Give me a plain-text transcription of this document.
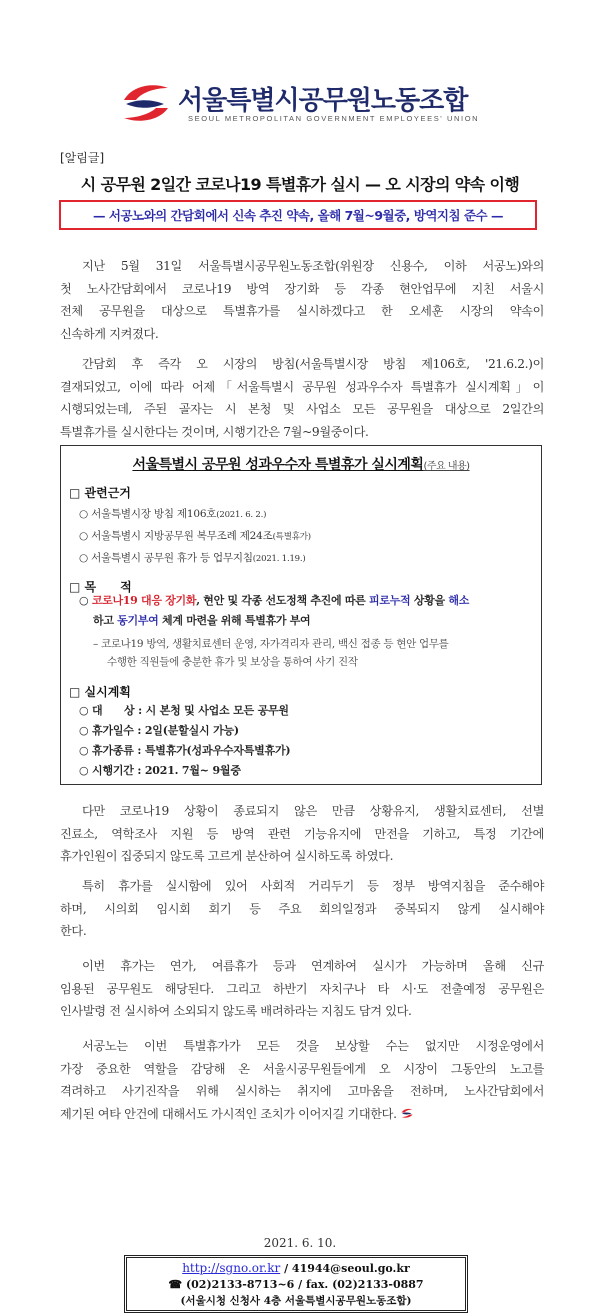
서울특별시공무원노동조합
SEOUL METROPOLITAN GOVERNMENT EMPLOYEES' UNION
[알림글]
시 공무원 2일간 코로나19 특별휴가 실시 — 오 시장의 약속 이행
— 서공노와의 간담회에서 신속 추진 약속, 올해 7월~9월중, 방역지침 준수 —
지난 5월 31일 서울특별시공무원노동조합(위원장 신용수, 이하 서공노)와의
첫 노사간담회에서 코로나19 방역 장기화 등 각종 현안업무에 지친 서울시
전체 공무원을 대상으로 특별휴가를 실시하겠다고 한 오세훈 시장의 약속이
신속하게 지켜졌다.
간담회 후 즉각 오 시장의 방침(서울특별시장 방침 제106호, '21.6.2.)이
결재되었고, 이에 따라 어제「서울특별시 공무원 성과우수자 특별휴가 실시계획」이
시행되었는데, 주된 골자는 시 본청 및 사업소 모든 공무원을 대상으로 2일간의
특별휴가를 실시한다는 것이며, 시행기간은 7월~9월중이다.
서울특별시 공무원 성과우수자 특별휴가 실시계획(주요 내용)
□ 관련근거
○ 서울특별시장 방침 제106호(2021. 6. 2.)
○ 서울특별시 지방공무원 복무조례 제24조(특별휴가)
○ 서울특별시 공무원 휴가 등 업무지침(2021. 1.19.)
□ 목　　적
○ 코로나19 대응 장기화, 현안 및 각종 선도정책 추진에 따른 피로누적 상황을 해소
하고 동기부여 체계 마련을 위해 특별휴가 부여
– 코로나19 방역, 생활치료센터 운영, 자가격리자 관리, 백신 접종 등 현안 업무를
수행한 직원들에 충분한 휴가 및 보상을 통하여 사기 진작
□ 실시계획
○ 대　　상 : 시 본청 및 사업소 모든 공무원
○ 휴가일수 : 2일(분할실시 가능)
○ 휴가종류 : 특별휴가(성과우수자특별휴가)
○ 시행기간 : 2021. 7월~ 9월중
다만 코로나19 상황이 종료되지 않은 만큼 상황유지, 생활치료센터, 선별
진료소, 역학조사 지원 등 방역 관련 기능유지에 만전을 기하고, 특정 기간에
휴가인원이 집중되지 않도록 고르게 분산하여 실시하도록 하였다.
특히 휴가를 실시함에 있어 사회적 거리두기 등 정부 방역지침을 준수해야
하며, 시의회 임시회 회기 등 주요 회의일정과 중복되지 않게 실시해야
한다.
이번 휴가는 연가, 여름휴가 등과 연계하여 실시가 가능하며 올해 신규
임용된 공무원도 해당된다. 그리고 하반기 자치구나 타 시·도 전출예정 공무원은
인사발령 전 실시하여 소외되지 않도록 배려하라는 지침도 담겨 있다.
서공노는 이번 특별휴가가 모든 것을 보상할 수는 없지만 시정운영에서
가장 중요한 역할을 감당해 온 서울시공무원들에게 오 시장이 그동안의 노고를
격려하고 사기진작을 위해 실시하는 취지에 고마움을 전하며, 노사간담회에서
제기된 여타 안건에 대해서도 가시적인 조치가 이어지길 기대한다.
2021. 6. 10.
http://sgno.or.kr / 41944@seoul.go.kr
☎ (02)2133-8713~6 / fax. (02)2133-0887
(서울시청 신청사 4층 서울특별시공무원노동조합)
